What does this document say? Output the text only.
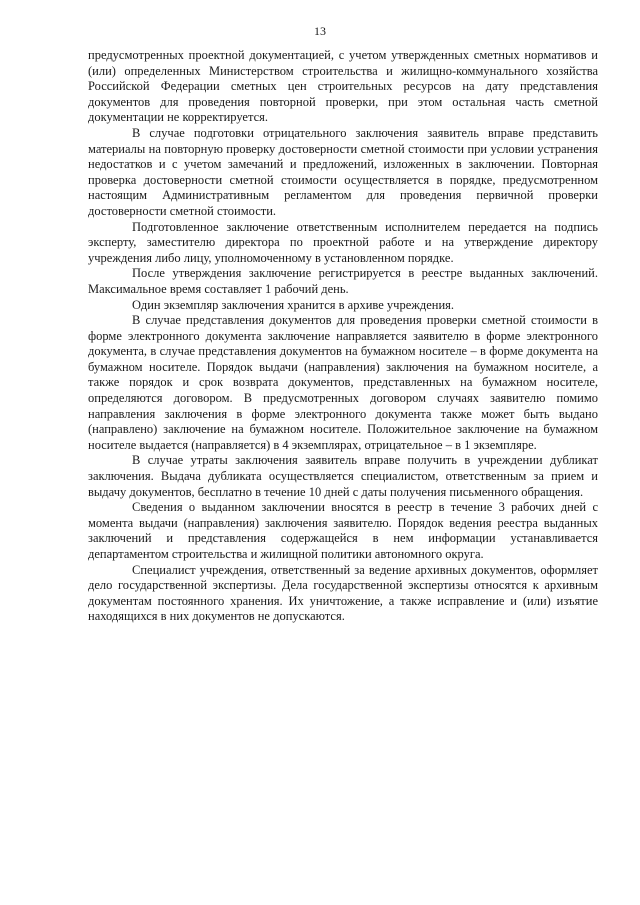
13

предусмотренных проектной документацией, с учетом утвержденных сметных нормативов и (или) определенных Министерством строительства и жилищно-коммунального хозяйства Российской Федерации сметных цен строительных ресурсов на дату представления документов для проведения повторной проверки, при этом остальная часть сметной документации не корректируется.

В случае подготовки отрицательного заключения заявитель вправе представить материалы на повторную проверку достоверности сметной стоимости при условии устранения недостатков и с учетом замечаний и предложений, изложенных в заключении. Повторная проверка достоверности сметной стоимости осуществляется в порядке, предусмотренном настоящим Административным регламентом для проведения первичной проверки достоверности сметной стоимости.

Подготовленное заключение ответственным исполнителем передается на подпись эксперту, заместителю директора по проектной работе и на утверждение директору учреждения либо лицу, уполномоченному в установленном порядке.

После утверждения заключение регистрируется в реестре выданных заключений. Максимальное время составляет 1 рабочий день.

Один экземпляр заключения хранится в архиве учреждения.

В случае представления документов для проведения проверки сметной стоимости в форме электронного документа заключение направляется заявителю в форме электронного документа, в случае представления документов на бумажном носителе – в форме документа на бумажном носителе. Порядок выдачи (направления) заключения на бумажном носителе, а также порядок и срок возврата документов, представленных на бумажном носителе, определяются договором. В предусмотренных договором случаях заявителю помимо направления заключения в форме электронного документа также может быть выдано (направлено) заключение на бумажном носителе. Положительное заключение на бумажном носителе выдается (направляется) в 4 экземплярах, отрицательное – в 1 экземпляре.

В случае утраты заключения заявитель вправе получить в учреждении дубликат заключения. Выдача дубликата осуществляется специалистом, ответственным за прием и выдачу документов, бесплатно в течение 10 дней с даты получения письменного обращения.

Сведения о выданном заключении вносятся в реестр в течение 3 рабочих дней с момента выдачи (направления) заключения заявителю. Порядок ведения реестра выданных заключений и представления содержащейся в нем информации устанавливается департаментом строительства и жилищной политики автономного округа.

Специалист учреждения, ответственный за ведение архивных документов, оформляет дело государственной экспертизы. Дела государственной экспертизы относятся к архивным документам постоянного хранения. Их уничтожение, а также исправление и (или) изъятие находящихся в них документов не допускаются.
